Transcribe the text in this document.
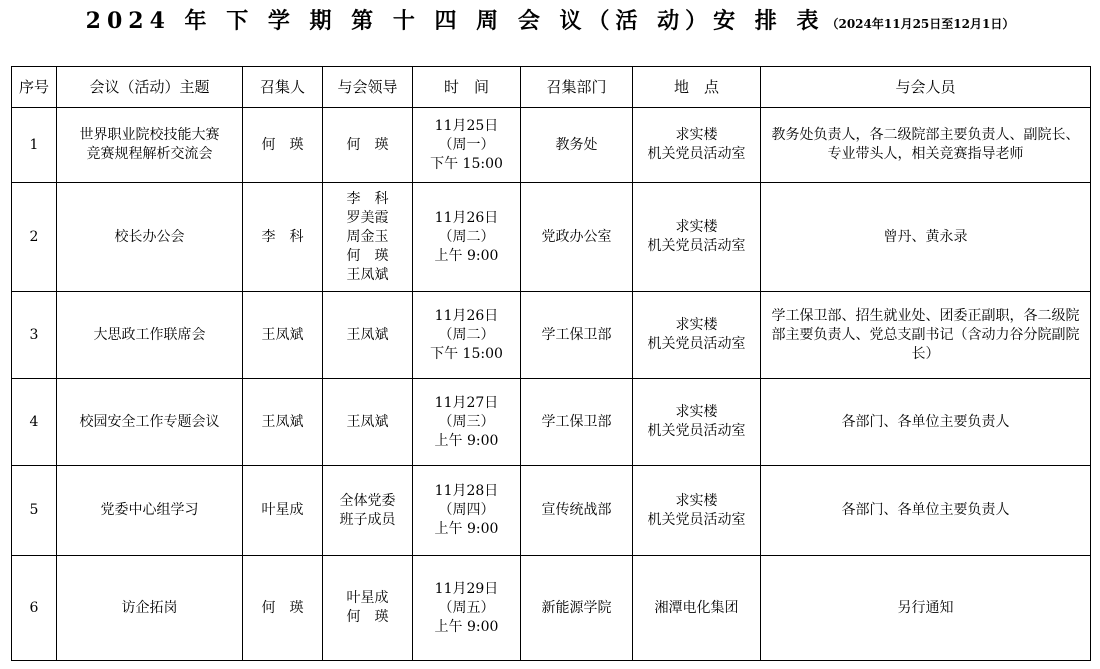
2024 年 下 学 期 第 十 四 周 会 议（活 动）安 排 表 （2024年11月25日至12月1日）
序号	会议（活动）主题	召集人	与会领导	时　间	召集部门	地　点	与会人员
1	世界职业院校技能大赛
竞赛规程解析交流会	何　瑛	何　瑛	11月25日
（周一）
下午 15:00	教务处	求实楼
机关党员活动室	教务处负责人，各二级院部主要负责人、副院长、专业带头人，相关竞赛指导老师
2	校长办公会	李　科	李　科
罗美霞
周金玉
何　瑛
王凤斌	11月26日
（周二）
上午 9:00	党政办公室	求实楼
机关党员活动室	曾丹、黄永录
3	大思政工作联席会	王凤斌	王凤斌	11月26日
（周二）
下午 15:00	学工保卫部	求实楼
机关党员活动室	学工保卫部、招生就业处、团委正副职，各二级院部主要负责人、党总支副书记（含动力谷分院副院长）
4	校园安全工作专题会议	王凤斌	王凤斌	11月27日
（周三）
上午 9:00	学工保卫部	求实楼
机关党员活动室	各部门、各单位主要负责人
5	党委中心组学习	叶星成	全体党委
班子成员	11月28日
（周四）
上午 9:00	宣传统战部	求实楼
机关党员活动室	各部门、各单位主要负责人
6	访企拓岗	何　瑛	叶星成
何　瑛	11月29日
（周五）
上午 9:00	新能源学院	湘潭电化集团	另行通知
